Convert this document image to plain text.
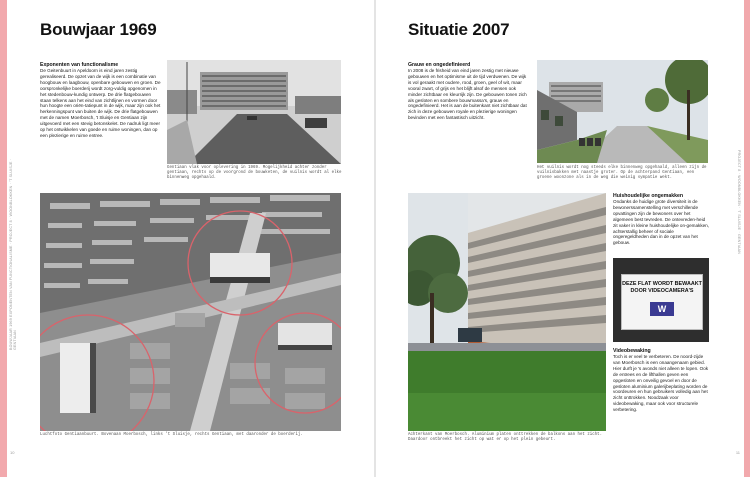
BOUWJAAR 1969 EXPONENTEN VAN FUNCTIONALISME · PROJECT 8 · WOONBLOKKEN · 'T SLUISJE · GENTIAAN
10
Bouwjaar 1969
Exponenten van functionalisme
De Geitenbuurt in Apeldoorn is eind jaren zestig gerealiseerd. De opzet van de wijk is een combinatie van hoogbouw en laagbouw, openbare gebouwen en groen. De oorspronkelijke boerderij wordt zorg-vuldig opgenomen in het stedenbouw-kundig ontwerp. De drie flatgebouwen staan telkens aan het eind van zichtlijnen en vormen door hun hoogte een oriën-tatiepunt in de wijk, maar zijn ook het herkenningspunt van buiten de wijk. De drie flatgebouwen met de namen Moerbosch, 't Sluisje en Gentiaan zijn uitgevoerd met een stevig betonskelet. De nadruk ligt meer op het ontwikkelen van goede en ruime woningen, dan op een plezierige en ruime entree.
Gentiaan vlak voor oplevering in 1969. Mogelijkheid achter zonder gentiaan, rechts op de voorgrond de bouwketen, de vuilnis wordt al elke binnenweg opgehaald.
Luchtfoto Gentiaanbuurt. Bovenaan Moerbosch, links 't Sluisje, rechts Gentiaan, met daaronder de boerderij.
PROJECT 8 · WOONBLOKKEN · 'T SLUISJE · GENTIAAN
11
Situatie 2007
Grauw en ongedefinieerd
In 2008 is de frisheid van eind jaren zestig met nieuwe gebouwen en het optimisme uit de tijd verdwenen. De wijk is vol geraakt met oudere, rood, groen, geel of wit, maar vooral zwart, of grijs en het blijft alsof de mensen ook minder zichtbaar en kleurrijk zijn. De gebouwen tonen zich als gesloten en sombere bouwmassa's, grauw en ongedefinieerd. Het is aan de buitenkant niet zichtbaar dat zich in deze gebouwen royale en plezierige woningen bevinden met een fantastisch uitzicht.
Het vuilnis wordt nog steeds elke binnenweg opgehaald, alleen zijn de vuilnisbakken met naastje groter. Op de achterpand Gentiaan, een groene woonzone als in de weg die weinig sympatie wekt.
Achterkant van Moerbosch. Aluminium platen onttrekken de balkons aan het zicht. Daardoor ontbreekt het zicht op wat er op het plein gebeurt.
Huishoudelijke ongemakken
Ondanks de huidige grote diversiteit in de bewonerssamenstelling met verschillende opvattingen zijn de bewoners over het algemeen best tevreden. De ontevreden-heid zit vaker in kleine huishoudelijke on-gemakken, achterstallig beheer of sociale ongeregeldheden dan in de opzet van het gebouw.
DEZE FLAT WORDT BEWAAKT
DOOR VIDEOCAMERA'S
W
Videobewaking
Toch is er veel te verbeteren. De noord-zijde van Moerbosch is een onaangenaam gebied. Hier durft je 's avonds niet alleen te lopen. Ook de entrees en de lifthallen geven een opgesloten en onveilig gevoel en door de gesloten aluminium galerijbeplating worden de voordeuren en hun gebruikers volledig aan het zicht onttrokken. Noodzaak voor videobewaking, maar ook voor structurele verbetering.
